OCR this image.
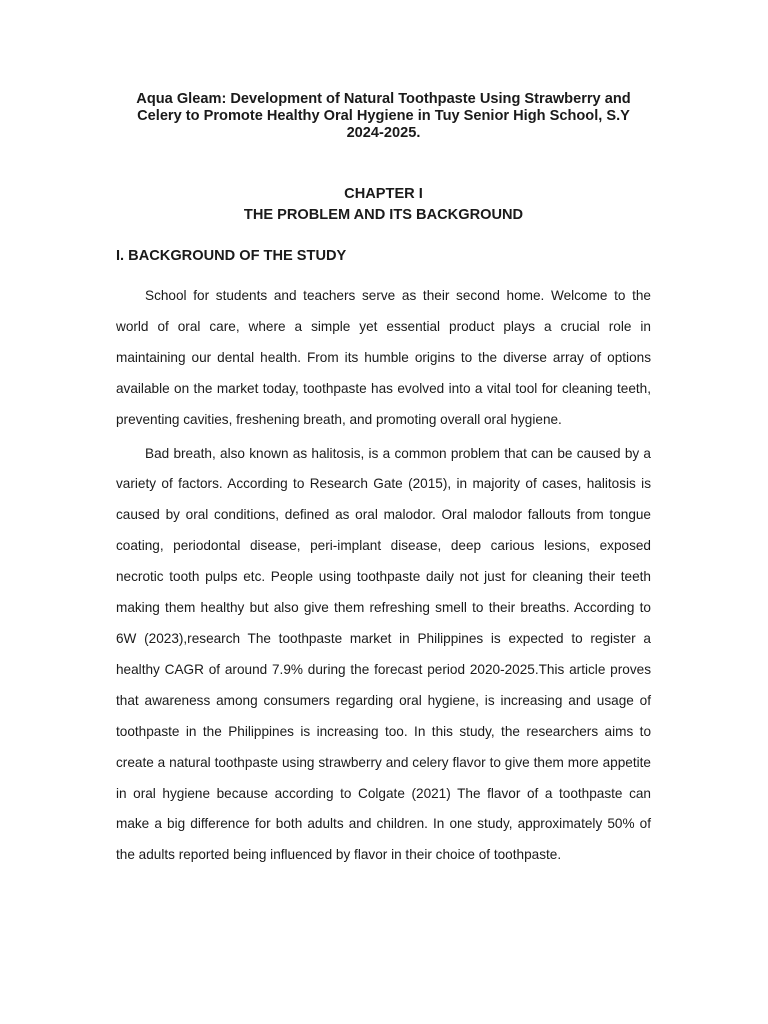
Aqua Gleam: Development of Natural Toothpaste Using Strawberry and Celery to Promote Healthy Oral Hygiene in Tuy Senior High School, S.Y 2024-2025.
CHAPTER I
THE PROBLEM AND ITS BACKGROUND
I. BACKGROUND OF THE STUDY

School for students and teachers serve as their second home. Welcome to the world of oral care, where a simple yet essential product plays a crucial role in maintaining our dental health. From its humble origins to the diverse array of options available on the market today, toothpaste has evolved into a vital tool for cleaning teeth, preventing cavities, freshening breath, and promoting overall oral hygiene.

Bad breath, also known as halitosis, is a common problem that can be caused by a variety of factors. According to Research Gate (2015), in majority of cases, halitosis is caused by oral conditions, defined as oral malodor. Oral malodor fallouts from tongue coating, periodontal disease, peri-implant disease, deep carious lesions, exposed necrotic tooth pulps etc. People using toothpaste daily not just for cleaning their teeth making them healthy but also give them refreshing smell to their breaths. According to 6W (2023),research The toothpaste market in Philippines is expected to register a healthy CAGR of around 7.9% during the forecast period 2020-2025.This article proves that awareness among consumers regarding oral hygiene, is increasing and usage of toothpaste in the Philippines is increasing too. In this study, the researchers aims to create a natural toothpaste using strawberry and celery flavor to give them more appetite in oral hygiene because according to Colgate (2021) The flavor of a toothpaste can make a big difference for both adults and children. In one study, approximately 50% of the adults reported being influenced by flavor in their choice of toothpaste.
